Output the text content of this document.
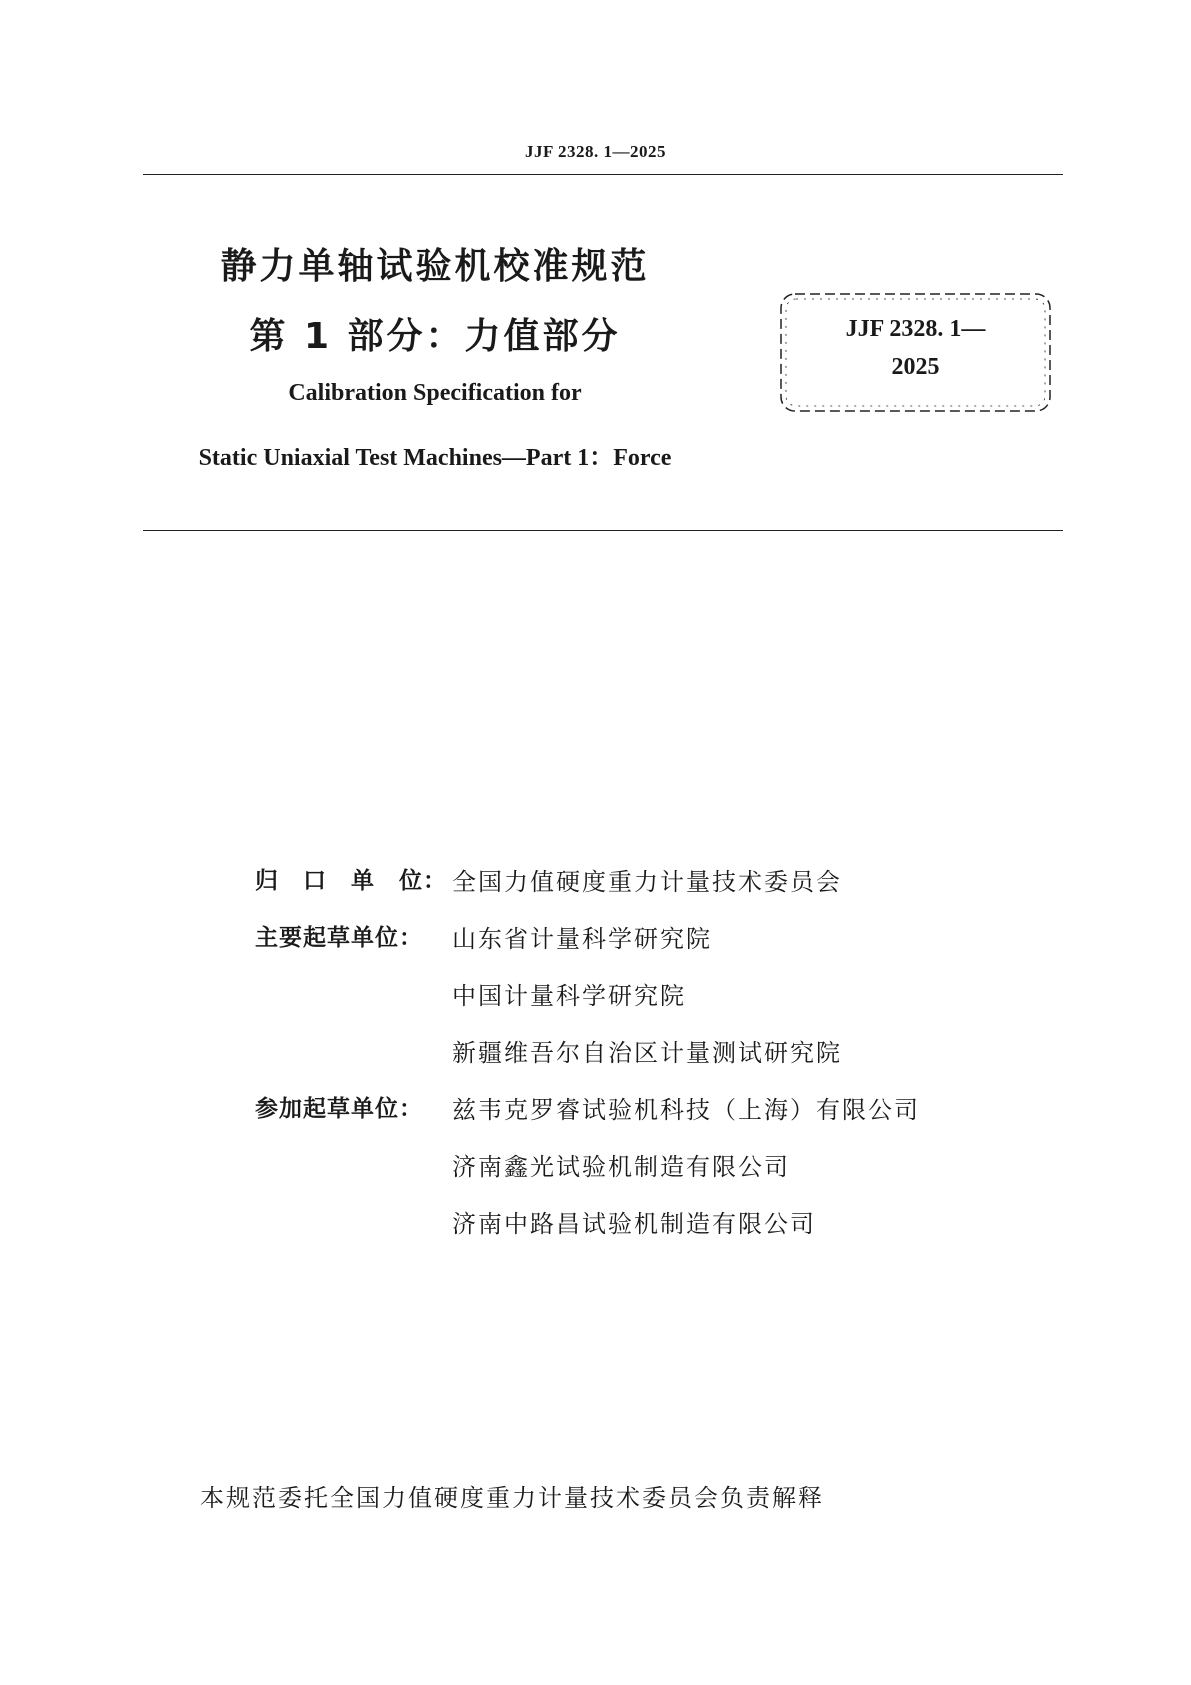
JJF 2328. 1—2025
静力单轴试验机校准规范
第 1 部分：力值部分
Calibration Specification for
Static Uniaxial Test Machines—Part 1：Force
JJF 2328. 1—
2025
归　口　单　位： 全国力值硬度重力计量技术委员会
主要起草单位： 山东省计量科学研究院
中国计量科学研究院
新疆维吾尔自治区计量测试研究院
参加起草单位： 兹韦克罗睿试验机科技（上海）有限公司
济南鑫光试验机制造有限公司
济南中路昌试验机制造有限公司
本规范委托全国力值硬度重力计量技术委员会负责解释
